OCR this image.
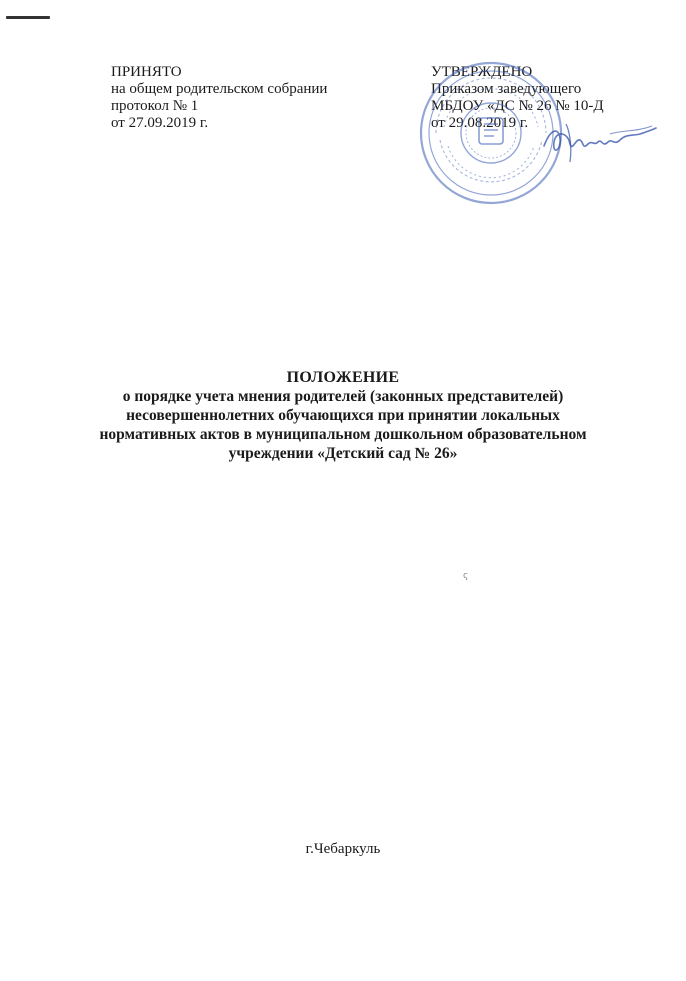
ПРИНЯТО
на общем родительском собрании
протокол № 1
от 27.09.2019 г.
УТВЕРЖДЕНО
Приказом заведующего
МБДОУ «ДС № 26 № 10-Д
от 29.08.2019 г.
ПОЛОЖЕНИЕ
о порядке учета мнения родителей (законных представителей)
несовершеннолетних обучающихся при принятии локальных
нормативных актов в муниципальном дошкольном образовательном
учреждении «Детский сад № 26»
ς
г.Чебаркуль
